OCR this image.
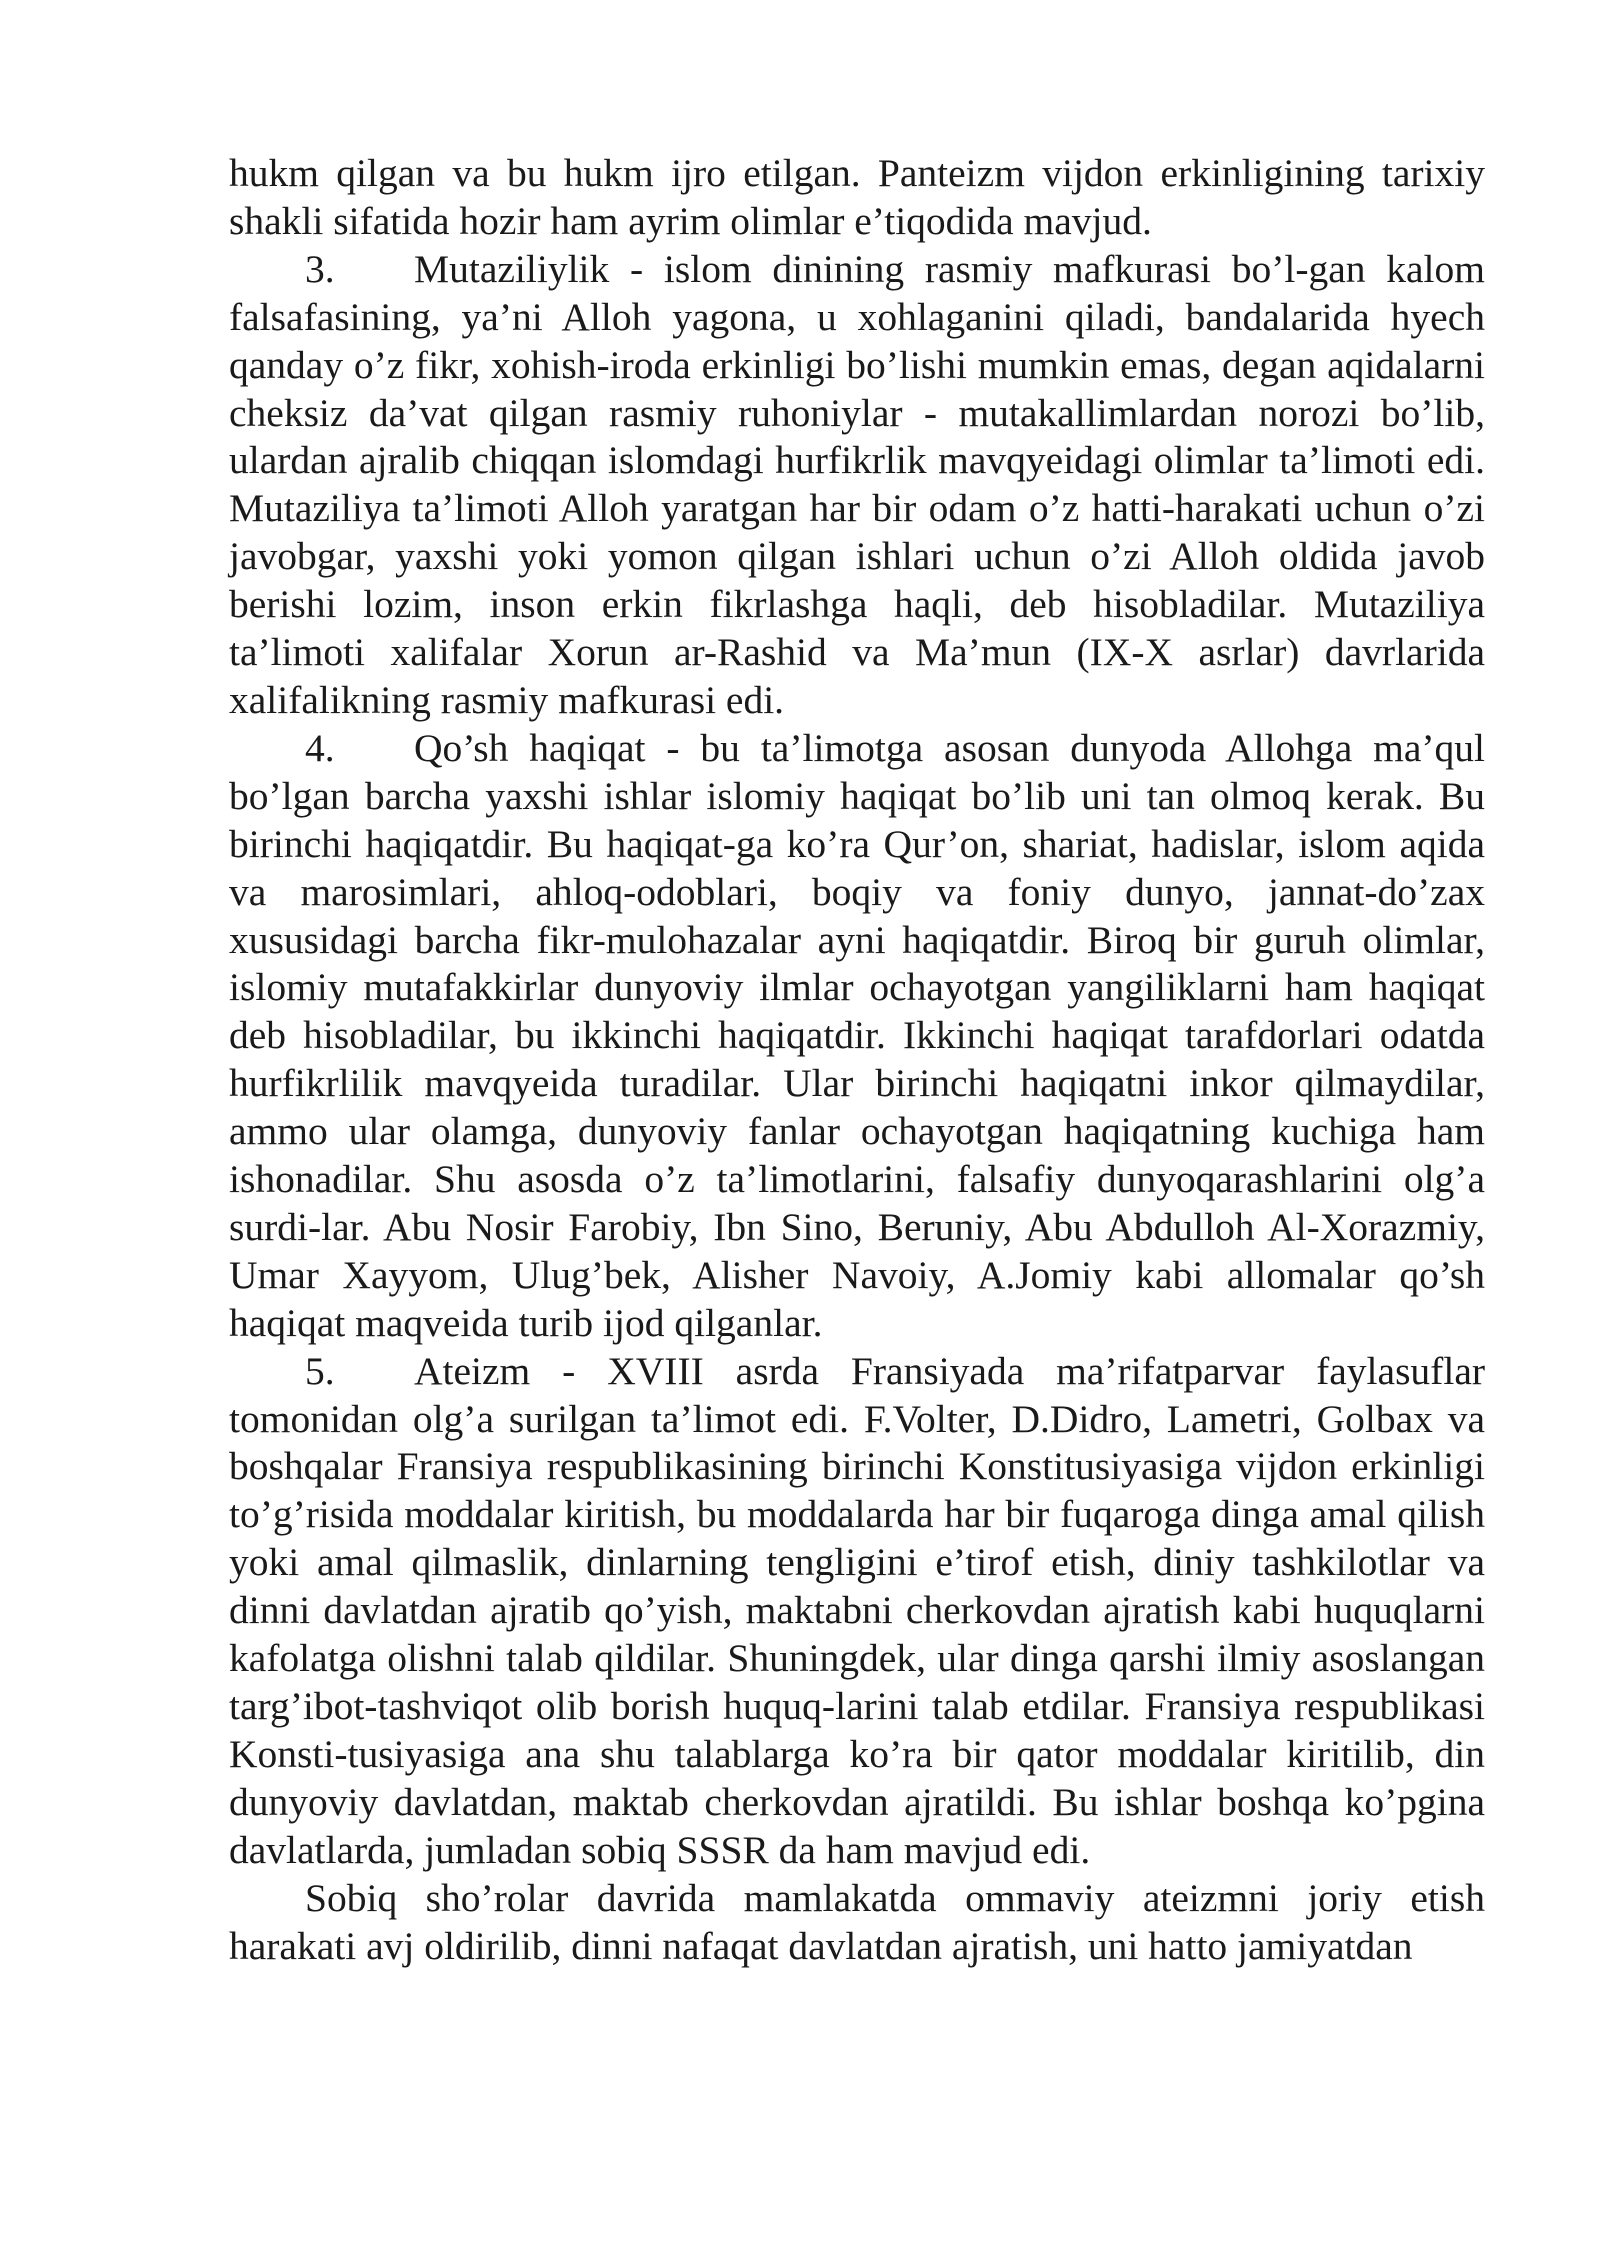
hukm qilgan va bu hukm ijro etilgan. Panteizm vijdon erkinligining tarixiy shakli sifatida hozir ham ayrim olimlar e’tiqodida mavjud.

3. Mutaziliylik - islom dinining rasmiy mafkurasi bo’l-gan kalom falsafasining, ya’ni Alloh yagona, u xohlaganini qiladi, bandalarida hyech qanday o’z fikr, xohish-iroda erkinligi bo’lishi mumkin emas, degan aqidalarni cheksiz da’vat qilgan rasmiy ruhoniylar - mutakallimlardan norozi bo’lib, ulardan ajralib chiqqan islomdagi hurfikrlik mavqyeidagi olimlar ta’limoti edi. Mutaziliya ta’limoti Alloh yaratgan har bir odam o’z hatti-harakati uchun o’zi javobgar, yaxshi yoki yomon qilgan ishlari uchun o’zi Alloh oldida javob berishi lozim, inson erkin fikrlashga haqli, deb hisobladilar. Mutaziliya ta’limoti xalifalar Xorun ar-Rashid va Ma’mun (IX-X asrlar) davrlarida xalifalikning rasmiy mafkurasi edi.

4. Qo’sh haqiqat - bu ta’limotga asosan dunyoda Allohga ma’qul bo’lgan barcha yaxshi ishlar islomiy haqiqat bo’lib uni tan olmoq kerak. Bu birinchi haqiqatdir. Bu haqiqat-ga ko’ra Qur’on, shariat, hadislar, islom aqida va marosimlari, ahloq-odoblari, boqiy va foniy dunyo, jannat-do’zax xususidagi barcha fikr-mulohazalar ayni haqiqatdir. Biroq bir guruh olimlar, islomiy mutafakkirlar dunyoviy ilmlar ochayotgan yangiliklarni ham haqiqat deb hisobladilar, bu ikkinchi haqiqatdir. Ikkinchi haqiqat tarafdorlari odatda hurfikrlilik mavqyeida turadilar. Ular birinchi haqiqatni inkor qilmaydilar, ammo ular olamga, dunyoviy fanlar ochayotgan haqiqatning kuchiga ham ishonadilar. Shu asosda o’z ta’limotlarini, falsafiy dunyoqarashlarini olg’a surdi-lar. Abu Nosir Farobiy, Ibn Sino, Beruniy, Abu Abdulloh Al-Xorazmiy, Umar Xayyom, Ulug’bek, Alisher Navoiy, A.Jomiy kabi allomalar qo’sh haqiqat maqveida turib ijod qilganlar.

5. Ateizm - XVIII asrda Fransiyada ma’rifatparvar faylasuflar tomonidan olg’a surilgan ta’limot edi. F.Volter, D.Didro, Lametri, Golbax va boshqalar Fransiya respublikasining birinchi Konstitusiyasiga vijdon erkinligi to’g’risida moddalar kiritish, bu moddalarda har bir fuqaroga dinga amal qilish yoki amal qilmaslik, dinlarning tengligini e’tirof etish, diniy tashkilotlar va dinni davlatdan ajratib qo’yish, maktabni cherkovdan ajratish kabi huquqlarni kafolatga olishni talab qildilar. Shuningdek, ular dinga qarshi ilmiy asoslangan targ’ibot-tashviqot olib borish huquq-larini talab etdilar. Fransiya respublikasi Konsti-tusiyasiga ana shu talablarga ko’ra bir qator moddalar kiritilib, din dunyoviy davlatdan, maktab cherkovdan ajratildi. Bu ishlar boshqa ko’pgina davlatlarda, jumladan sobiq SSSR da ham mavjud edi.

Sobiq sho’rolar davrida mamlakatda ommaviy ateizmni joriy etish harakati avj oldirilib, dinni nafaqat davlatdan ajratish, uni hatto jamiyatdan
